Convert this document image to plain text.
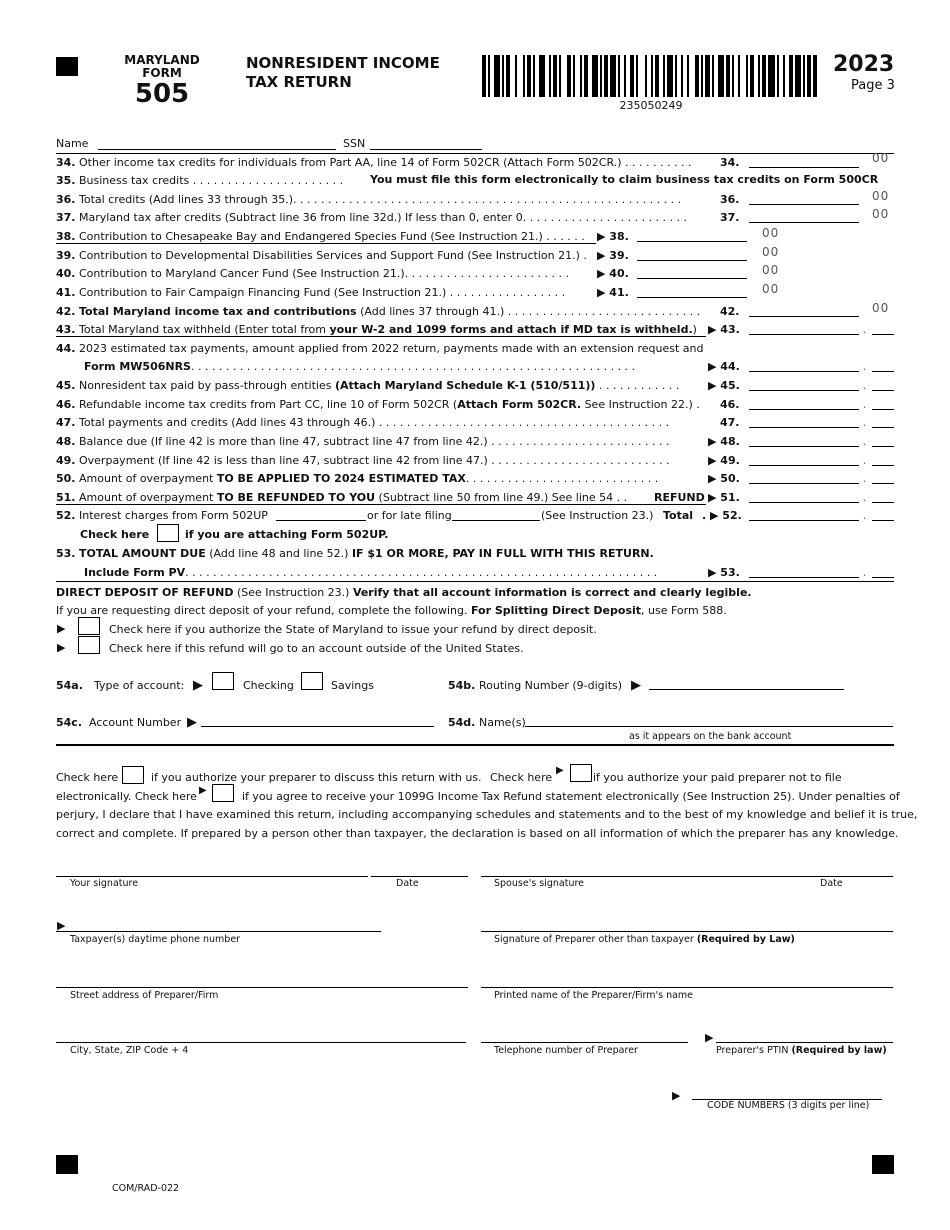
MARYLAND
FORM
505
NONRESIDENT INCOME
TAX RETURN
235050249
2023
Page 3
Name	SSN
34. Other income tax credits for individuals from Part AA, line 14 of Form 502CR (Attach Form 502CR.) . . . . . . . . . .	34.	00
35. Business tax credits . . . . . . . . . . . . . . . . . . . . . . You must file this form electronically to claim business tax credits on Form 500CR
36. Total credits (Add lines 33 through 35.). . . . . . . . . . . . . . . . . . . . . . . . . . . . . . . . . . . . . . . . . . . . . . . . . . . . . . . .	36.	00
37. Maryland tax after credits (Subtract line 36 from line 32d.) If less than 0, enter 0. . . . . . . . . . . . . . . . . . . . . . . .	37.	00
38. Contribution to Chesapeake Bay and Endangered Species Fund (See Instruction 21.) . . . . . . ▶ 38.	00
39. Contribution to Developmental Disabilities Services and Support Fund (See Instruction 21.) . ▶ 39.	00
40. Contribution to Maryland Cancer Fund (See Instruction 21.). . . . . . . . . . . . . . . . . . . . . . . .	▶ 40.	00
41. Contribution to Fair Campaign Financing Fund (See Instruction 21.) . . . . . . . . . . . . . . . . .	▶ 41.	00
42. Total Maryland income tax and contributions (Add lines 37 through 41.) . . . . . . . . . . . . . . . . . . . . . . . . . . . . 42.	00
43. Total Maryland tax withheld (Enter total from your W-2 and 1099 forms and attach if MD tax is withheld.) ▶ 43.
44. 2023 estimated tax payments, amount applied from 2022 return, payments made with an extension request and
Form MW506NRS. . . . . . . . . . . . . . . . . . . . . . . . . . . . . . . . . . . . . . . . . . . . . . . . . . . . . . . . . . . . . . . .	▶ 44.
45. Nonresident tax paid by pass-through entities (Attach Maryland Schedule K-1 (510/511)) . . . . . . . . . . . .	▶ 45.
46. Refundable income tax credits from Part CC, line 10 of Form 502CR (Attach Form 502CR. See Instruction 22.) . 46.
47. Total payments and credits (Add lines 43 through 46.) . . . . . . . . . . . . . . . . . . . . . . . . . . . . . . . . . . . . . . . . . .	47.
48. Balance due (If line 42 is more than line 47, subtract line 47 from line 42.) . . . . . . . . . . . . . . . . . . . . . . . . . .	▶ 48.
49. Overpayment (If line 42 is less than line 47, subtract line 42 from line 47.) . . . . . . . . . . . . . . . . . . . . . . . . . .	▶ 49.
50. Amount of overpayment TO BE APPLIED TO 2024 ESTIMATED TAX. . . . . . . . . . . . . . . . . . . . . . . . . . . .	▶ 50.
51. Amount of overpayment TO BE REFUNDED TO YOU (Subtract line 50 from line 49.) See line 54 . . REFUND ▶ 51.
52. Interest charges from Form 502UP	or for late filing	(See Instruction 23.) Total . ▶ 52.
Check here	if you are attaching Form 502UP.
53. TOTAL AMOUNT DUE (Add line 48 and line 52.) IF $1 OR MORE, PAY IN FULL WITH THIS RETURN.
Include Form PV. . . . . . . . . . . . . . . . . . . . . . . . . . . . . . . . . . . . . . . . . . . . . . . . . . . . . . . . . . . . . . . . . . . .	▶ 53.
•
•
•
•
•
•
•
•
•
•
•
DIRECT DEPOSIT OF REFUND (See Instruction 23.) Verify that all account information is correct and clearly legible.
If you are requesting direct deposit of your refund, complete the following. For Splitting Direct Deposit, use Form 588.
▶	Check here if you authorize the State of Maryland to issue your refund by direct deposit.
▶	Check here if this refund will go to an account outside of the United States.
54a. Type of account: ▶	Checking	Savings	54b. Routing Number (9-digits) ▶
54c. Account Number ▶	54d. Name(s)
as it appears on the bank account
Check here	if you authorize your preparer to discuss this return with us. Check here
▶
if you authorize your paid preparer not to file
electronically. Check here ▶	if you agree to receive your 1099G Income Tax Refund statement electronically (See Instruction 25). Under penalties of
perjury, I declare that I have examined this return, including accompanying schedules and statements and to the best of my knowledge and belief it is true,
correct and complete. If prepared by a person other than taxpayer, the declaration is based on all information of which the preparer has any knowledge.
Your signature	Date	Spouse's signature	Date
▶
Taxpayer(s) daytime phone number	Signature of Preparer other than taxpayer (Required by Law)
Street address of Preparer/Firm	Printed name of the Preparer/Firm's name
▶
City, State, ZIP Code + 4	Telephone number of Preparer	Preparer's PTIN (Required by law)
▶
CODE NUMBERS (3 digits per line)
COM/RAD-022
